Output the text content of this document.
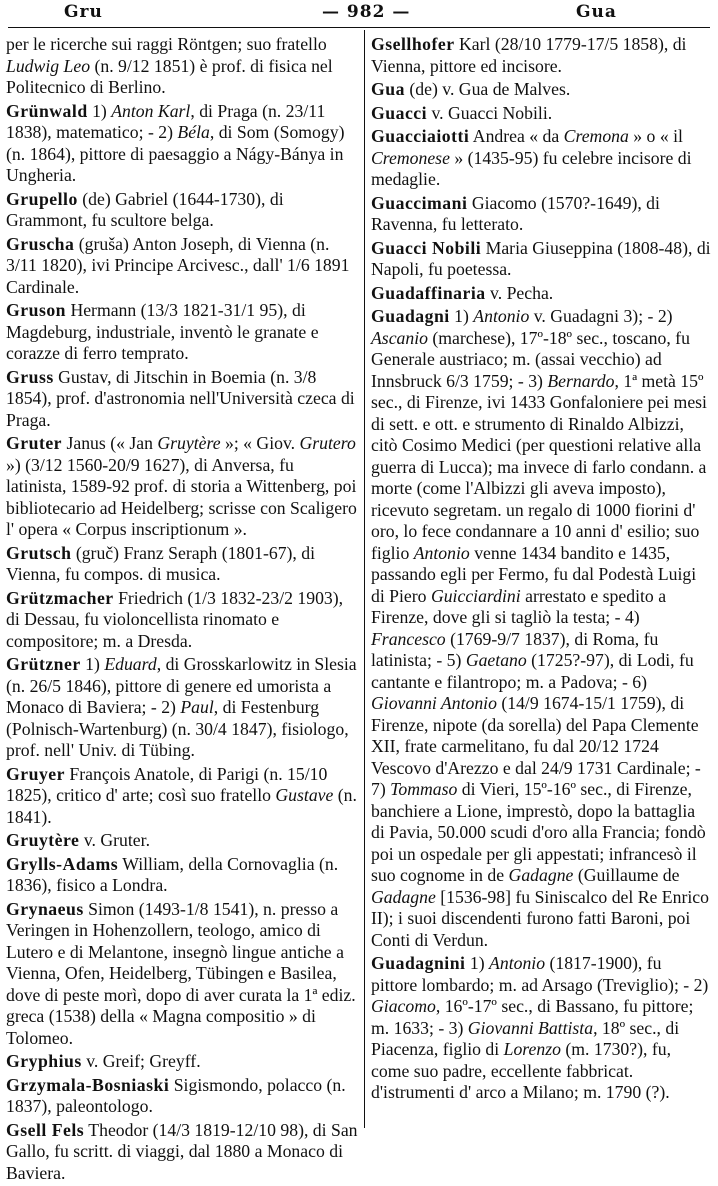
Gru	— 982 —	Gua
per le ricerche sui raggi Röntgen; suo fratello Ludwig Leo (n. 9/12 1851) è prof. di fisica nel Politecnico di Berlino.
Grünwald 1) Anton Karl, di Praga (n. 23/11 1838), matematico; - 2) Béla, di Som (Somogy) (n. 1864), pittore di paesaggio a Nágy-Bánya in Ungheria.
Grupello (de) Gabriel (1644-1730), di Grammont, fu scultore belga.
Gruscha (gruša) Anton Joseph, di Vienna (n. 3/11 1820), ivi Principe Arcivesc., dall' 1/6 1891 Cardinale.
Gruson Hermann (13/3 1821-31/1 95), di Magdeburg, industriale, inventò le granate e corazze di ferro temprato.
Gruss Gustav, di Jitschin in Boemia (n. 3/8 1854), prof. d'astronomia nell'Università czeca di Praga.
Gruter Janus (« Jan Gruytère »; « Giov. Grutero ») (3/12 1560-20/9 1627), di Anversa, fu latinista, 1589-92 prof. di storia a Wittenberg, poi bibliotecario ad Heidelberg; scrisse con Scaligero l' opera « Corpus inscriptionum ».
Grutsch (gruč) Franz Seraph (1801-67), di Vienna, fu compos. di musica.
Grützmacher Friedrich (1/3 1832-23/2 1903), di Dessau, fu violoncellista rinomato e compositore; m. a Dresda.
Grützner 1) Eduard, di Grosskarlowitz in Slesia (n. 26/5 1846), pittore di genere ed umorista a Monaco di Baviera; - 2) Paul, di Festenburg (Polnisch-Wartenburg) (n. 30/4 1847), fisiologo, prof. nell' Univ. di Tübing.
Gruyer François Anatole, di Parigi (n. 15/10 1825), critico d' arte; così suo fratello Gustave (n. 1841).
Gruytère v. Gruter.
Grylls-Adams William, della Cornovaglia (n. 1836), fisico a Londra.
Grynaeus Simon (1493-1/8 1541), n. presso a Veringen in Hohenzollern, teologo, amico di Lutero e di Melantone, insegnò lingue antiche a Vienna, Ofen, Heidelberg, Tübingen e Basilea, dove di peste morì, dopo di aver curata la 1ª ediz. greca (1538) della « Magna compositio » di Tolomeo.
Gryphius v. Greif; Greyff.
Grzymala-Bosniaski Sigismondo, polacco (n. 1837), paleontologo.
Gsell Fels Theodor (14/3 1819-12/10 98), di San Gallo, fu scritt. di viaggi, dal 1880 a Monaco di Baviera.
Gsellhofer Karl (28/10 1779-17/5 1858), di Vienna, pittore ed incisore.
Gua (de) v. Gua de Malves.
Guacci v. Guacci Nobili.
Guacciaiotti Andrea « da Cremona » o « il Cremonese » (1435-95) fu celebre incisore di medaglie.
Guaccimani Giacomo (1570?-1649), di Ravenna, fu letterato.
Guacci Nobili Maria Giuseppina (1808-48), di Napoli, fu poetessa.
Guadaffinaria v. Pecha.
Guadagni 1) Antonio v. Guadagni 3); - 2) Ascanio (marchese), 17º-18º sec., toscano, fu Generale austriaco; m. (assai vecchio) ad Innsbruck 6/3 1759; - 3) Bernardo, 1ª metà 15º sec., di Firenze, ivi 1433 Gonfaloniere pei mesi di sett. e ott. e strumento di Rinaldo Albizzi, citò Cosimo Medici (per questioni relative alla guerra di Lucca); ma invece di farlo condann. a morte (come l'Albizzi gli aveva imposto), ricevuto segretam. un regalo di 1000 fiorini d' oro, lo fece condannare a 10 anni d' esilio; suo figlio Antonio venne 1434 bandito e 1435, passando egli per Fermo, fu dal Podestà Luigi di Piero Guicciardini arrestato e spedito a Firenze, dove gli si tagliò la testa; - 4) Francesco (1769-9/7 1837), di Roma, fu latinista; - 5) Gaetano (1725?-97), di Lodi, fu cantante e filantropo; m. a Padova; - 6) Giovanni Antonio (14/9 1674-15/1 1759), di Firenze, nipote (da sorella) del Papa Clemente XII, frate carmelitano, fu dal 20/12 1724 Vescovo d'Arezzo e dal 24/9 1731 Cardinale; - 7) Tommaso di Vieri, 15º-16º sec., di Firenze, banchiere a Lione, imprestò, dopo la battaglia di Pavia, 50.000 scudi d'oro alla Francia; fondò poi un ospedale per gli appestati; infrancesò il suo cognome in de Gadagne (Guillaume de Gadagne [1536-98] fu Siniscalco del Re Enrico II); i suoi discendenti furono fatti Baroni, poi Conti di Verdun.
Guadagnini 1) Antonio (1817-1900), fu pittore lombardo; m. ad Arsago (Treviglio); - 2) Giacomo, 16º-17º sec., di Bassano, fu pittore; m. 1633; - 3) Giovanni Battista, 18º sec., di Piacenza, figlio di Lorenzo (m. 1730?), fu, come suo padre, eccellente fabbricat. d'istrumenti d' arco a Milano; m. 1790 (?).
